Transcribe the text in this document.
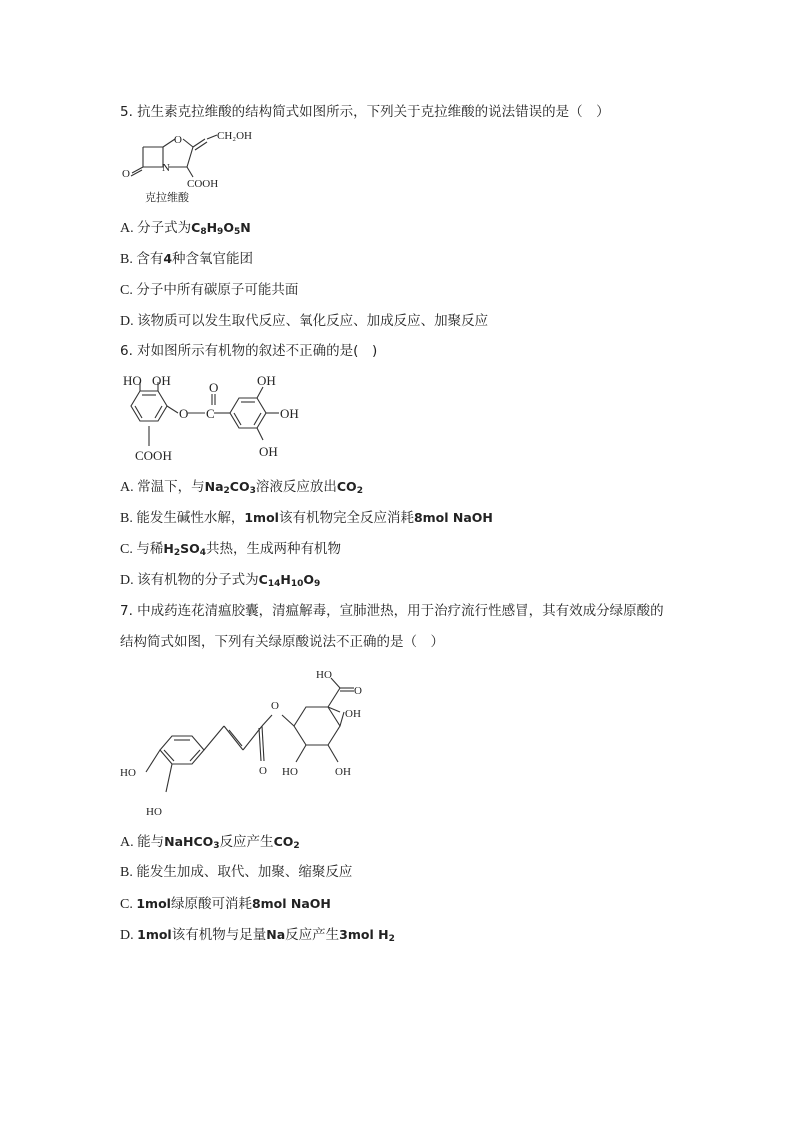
5. 抗生素克拉维酸的结构简式如图所示，下列关于克拉维酸的说法错误的是（　）
CH₂OH
O
N
O
COOH
克拉维酸
A. 分子式为$C_8H_9O_5N$
B. 含有4种含氧官能团
C. 分子中所有碳原子可能共面
D. 该物质可以发生取代反应、氧化反应、加成反应、加聚反应
6. 对如图所示有机物的叙述不正确的是(　)
HO OH
O C
O	OH
OH
OH
COOH
A. 常温下，与$Na_2CO_3$溶液反应放出$CO_2$
B. 能发生碱性水解，1mol该有机物完全反应消耗8mol NaOH
C. 与稀$H_2SO_4$共热，生成两种有机物
D. 该有机物的分子式为$C_{14}H_{10}O_9$
7. 中成药连花清瘟胶囊，清瘟解毒，宣肺泄热，用于治疗流行性感冒，其有效成分绿原酸的
结构简式如图，下列有关绿原酸说法不正确的是（　）
HO
O
OH
O
O
HO
HO
HO	OH
A. 能与NaHCO$_3$反应产生$CO_2$
B. 能发生加成、取代、加聚、缩聚反应
C. 1mol绿原酸可消耗8mol NaOH
D. 1mol该有机物与足量Na反应产生3mol $H_2$
